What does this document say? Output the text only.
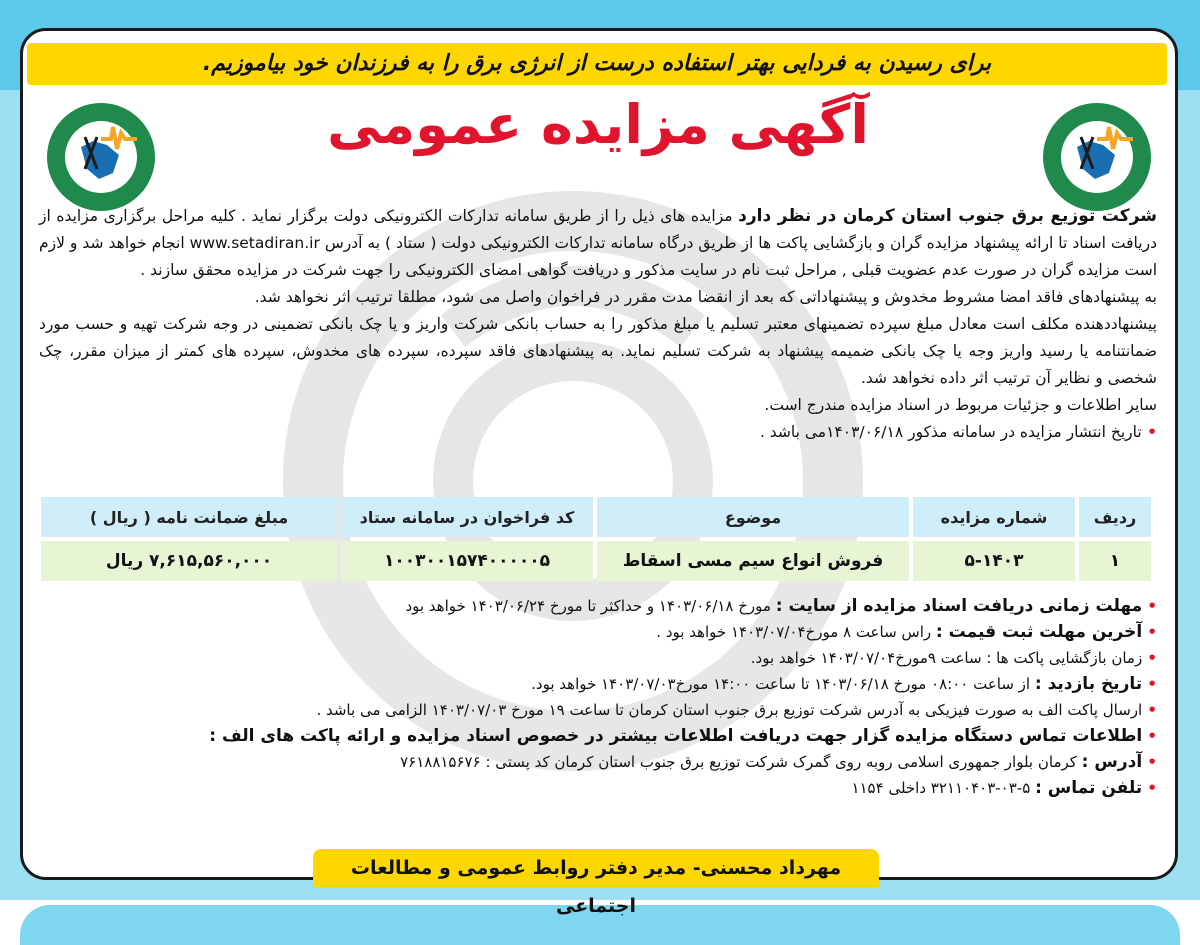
برای رسیدن به فردایی بهتر استفاده درست از انرژی برق را به فرزندان خود بیاموزیم.
آگهی مزایده عمومی

شرکت توزیع برق جنوب استان کرمان در نظر دارد مزایده های ذیل را از طریق سامانه تدارکات الکترونیکی دولت برگزار نماید . کلیه مراحل برگزاری مزایده از دریافت اسناد تا ارائه پیشنهاد مزایده گران و بازگشایی پاکت ها از طریق درگاه سامانه تدارکات الکترونیکی دولت ( ستاد ) به آدرس www.setadiran.ir انجام خواهد شد و لازم است مزایده گران در صورت عدم عضویت قبلی , مراحل ثبت نام در سایت مذکور و دریافت گواهی امضای الکترونیکی را جهت شرکت در مزایده محقق سازند .

به پیشنهادهای فاقد امضا مشروط مخدوش و پیشنهاداتی که بعد از انقضا مدت مقرر در فراخوان واصل می شود، مطلقا ترتیب اثر نخواهد شد.

پیشنهاددهنده مکلف است معادل مبلغ سپرده تضمینهای معتبر تسلیم یا مبلغ مذکور را به حساب بانکی شرکت واریز و یا چک بانکی تضمینی در وجه شرکت تهیه و حسب مورد ضمانتنامه یا رسید واریز وجه یا چک بانکی ضمیمه پیشنهاد به شرکت تسلیم نماید. به پیشنهادهای فاقد سپرده، سپرده های مخدوش، سپرده های کمتر از میزان مقرر، چک شخصی و نظایر آن ترتیب اثر داده نخواهد شد.

سایر اطلاعات و جزئیات مربوط در اسناد مزایده مندرج است.

• تاریخ انتشار مزایده در سامانه مذکور ۱۴۰۳/۰۶/۱۸می باشد .

ردیف	شماره مزایده	موضوع	کد فراخوان در سامانه ستاد	مبلغ ضمانت نامه ( ریال )
۱	۵-۱۴۰۳	فروش انواع سیم مسی اسقاط	۱۰۰۳۰۰۱۵۷۴۰۰۰۰۰۵	۷,۶۱۵,۵۶۰,۰۰۰ ریال

• مهلت زمانی دریافت اسناد مزایده از سایت : مورخ ۱۴۰۳/۰۶/۱۸ و حداکثر تا مورخ ۱۴۰۳/۰۶/۲۴ خواهد بود

• آخرین مهلت ثبت قیمت : راس ساعت ۸ مورخ۱۴۰۳/۰۷/۰۴ خواهد بود .

• زمان بازگشایی پاکت ها : ساعت ۹مورخ۱۴۰۳/۰۷/۰۴ خواهد بود.

• تاریخ بازدید : از ساعت ۰۸:۰۰ مورخ ۱۴۰۳/۰۶/۱۸ تا ساعت ۱۴:۰۰ مورخ۱۴۰۳/۰۷/۰۳ خواهد بود.

• ارسال پاکت الف به صورت فیزیکی به آدرس شرکت توزیع برق جنوب استان کرمان تا ساعت ۱۹ مورخ ۱۴۰۳/۰۷/۰۳ الزامی می باشد .

• اطلاعات تماس دستگاه مزایده گزار جهت دریافت اطلاعات بیشتر در خصوص اسناد مزایده و ارائه پاکت های الف :

• آدرس : کرمان بلوار جمهوری اسلامی روبه روی گمرک شرکت توزیع برق جنوب استان کرمان کد پستی : ۷۶۱۸۸۱۵۶۷۶

• تلفن تماس : ۵-۰۳-۳۲۱۱۰۴۰۳ داخلی ۱۱۵۴

مهرداد محسنی- مدیر دفتر روابط عمومی و مطالعات اجتماعی
